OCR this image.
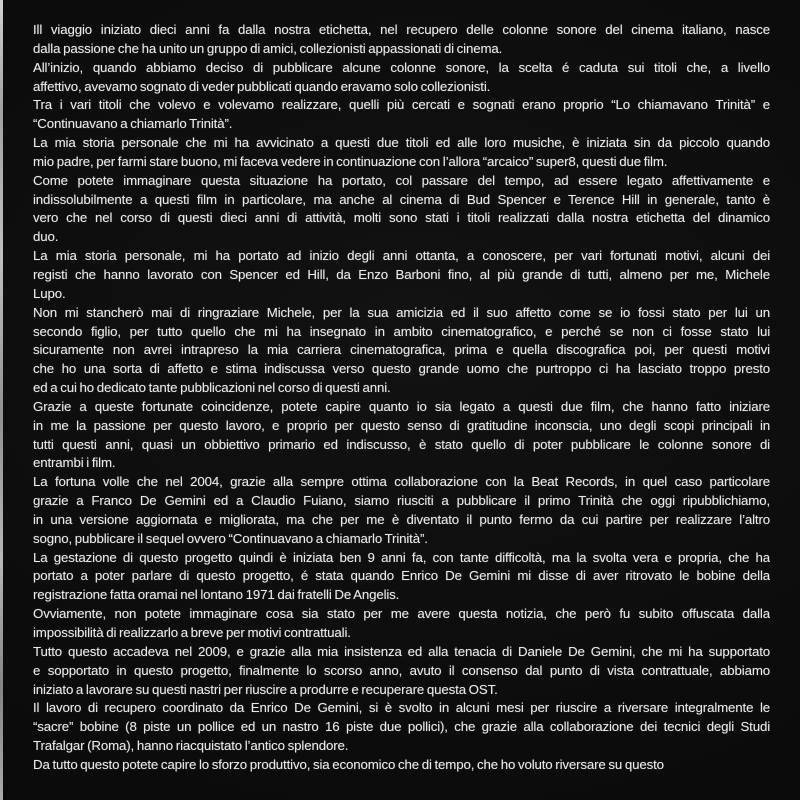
Ill viaggio iniziato dieci anni fa dalla nostra etichetta, nel recupero delle colonne sonore del cinema italiano, nasce
dalla passione che ha unito un gruppo di amici, collezionisti appassionati di cinema.
All’inizio, quando abbiamo deciso di pubblicare alcune colonne sonore, la scelta é caduta sui titoli che, a livello
affettivo, avevamo sognato di veder pubblicati quando eravamo solo collezionisti.
Tra i vari titoli che volevo e volevamo realizzare, quelli più cercati e sognati erano proprio “Lo chiamavano Trinità” e
“Continuavano a chiamarlo Trinità”.
La mia storia personale che mi ha avvicinato a questi due titoli ed alle loro musiche, è iniziata sin da piccolo quando
mio padre, per farmi stare buono, mi faceva vedere in continuazione con l’allora “arcaico” super8, questi due film.
Come potete immaginare questa situazione ha portato, col passare del tempo, ad essere legato affettivamente e
indissolubilmente a questi film in particolare, ma anche al cinema di Bud Spencer e Terence Hill in generale, tanto è
vero che nel corso di questi dieci anni di attività, molti sono stati i titoli realizzati dalla nostra etichetta del dinamico
duo.
La mia storia personale, mi ha portato ad inizio degli anni ottanta, a conoscere, per vari fortunati motivi, alcuni dei
registi che hanno lavorato con Spencer ed Hill, da Enzo Barboni fino, al più grande di tutti, almeno per me, Michele
Lupo.
Non mi stancherò mai di ringraziare Michele, per la sua amicizia ed il suo affetto come se io fossi stato per lui un
secondo figlio, per tutto quello che mi ha insegnato in ambito cinematografico, e perché se non ci fosse stato lui
sicuramente non avrei intrapreso la mia carriera cinematografica, prima e quella discografica poi, per questi motivi
che ho una sorta di affetto e stima indiscussa verso questo grande uomo che purtroppo ci ha lasciato troppo presto
ed a cui ho dedicato tante pubblicazioni nel corso di questi anni.
Grazie a queste fortunate coincidenze, potete capire quanto io sia legato a questi due film, che hanno fatto iniziare
in me la passione per questo lavoro, e proprio per questo senso di gratitudine inconscia, uno degli scopi principali in
tutti questi anni, quasi un obbiettivo primario ed indiscusso, è stato quello di poter pubblicare le colonne sonore di
entrambi i film.
La fortuna volle che nel 2004, grazie alla sempre ottima collaborazione con la Beat Records, in quel caso particolare
grazie a Franco De Gemini ed a Claudio Fuiano, siamo riusciti a pubblicare il primo Trinità che oggi ripubblichiamo,
in una versione aggiornata e migliorata, ma che per me è diventato il punto fermo da cui partire per realizzare l’altro
sogno, pubblicare il sequel ovvero “Continuavano a chiamarlo Trinità”.
La gestazione di questo progetto quindi è iniziata ben 9 anni fa, con tante difficoltà, ma la svolta vera e propria, che ha
portato a poter parlare di questo progetto, é stata quando Enrico De Gemini mi disse di aver ritrovato le bobine della
registrazione fatta oramai nel lontano 1971 dai fratelli De Angelis.
Ovviamente, non potete immaginare cosa sia stato per me avere questa notizia, che però fu subito offuscata dalla
impossibilità di realizzarlo a breve per motivi contrattuali.
Tutto questo accadeva nel 2009, e grazie alla mia insistenza ed alla tenacia di Daniele De Gemini, che mi ha supportato
e sopportato in questo progetto, finalmente lo scorso anno, avuto il consenso dal punto di vista contrattuale, abbiamo
iniziato a lavorare su questi nastri per riuscire a produrre e recuperare questa OST.
Il lavoro di recupero coordinato da Enrico De Gemini, si è svolto in alcuni mesi per riuscire a riversare integralmente le
“sacre” bobine (8 piste un pollice ed un nastro 16 piste due pollici), che grazie alla collaborazione dei tecnici degli Studi
Trafalgar (Roma), hanno riacquistato l’antico splendore.
Da tutto questo potete capire lo sforzo produttivo, sia economico che di tempo, che ho voluto riversare su questo
